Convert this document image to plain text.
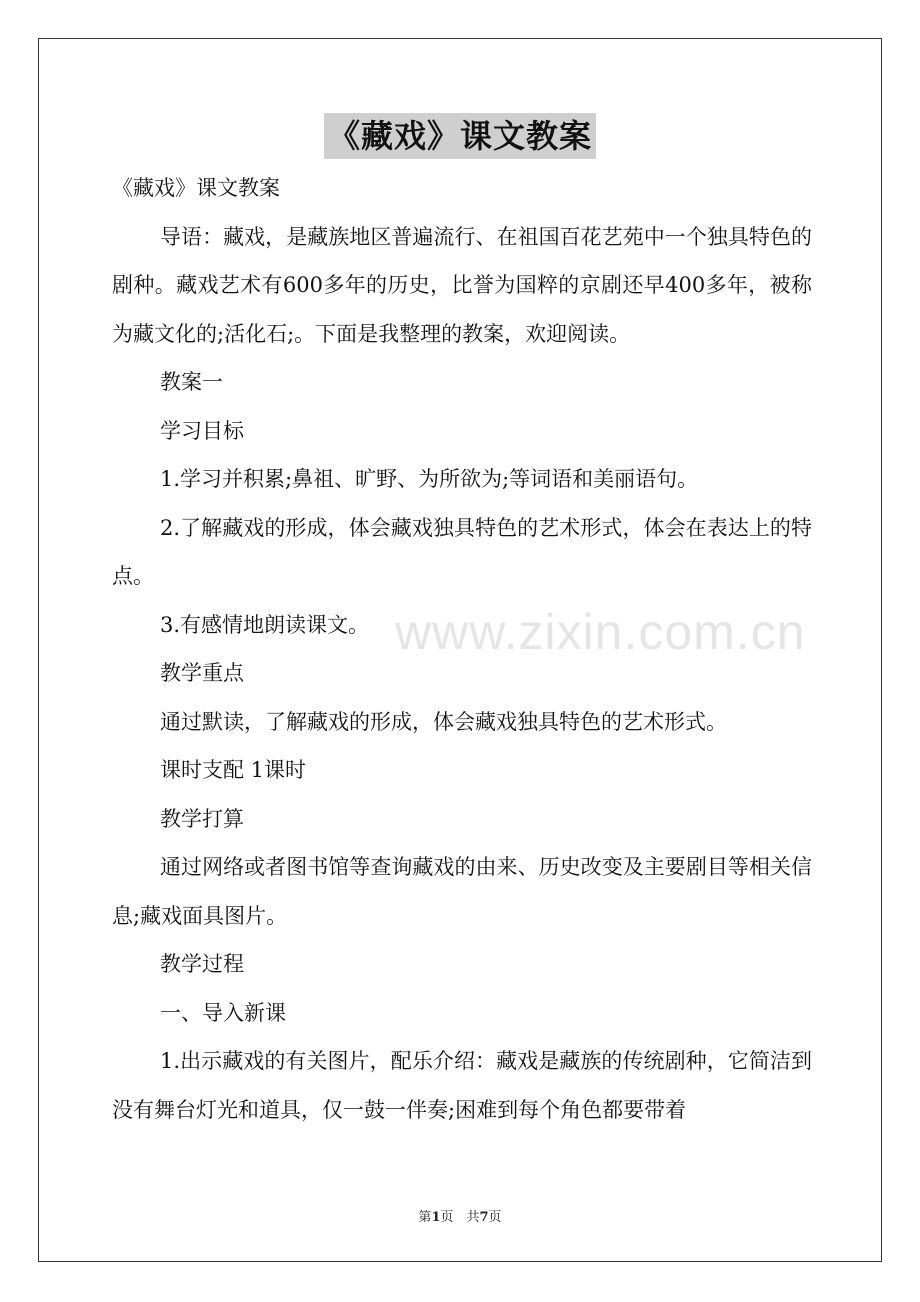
《藏戏》课文教案

《藏戏》课文教案

导语：藏戏，是藏族地区普遍流行、在祖国百花艺苑中一个独具特色的剧种。藏戏艺术有600多年的历史，比誉为国粹的京剧还早400多年，被称为藏文化的;活化石;。下面是我整理的教案，欢迎阅读。

教案一

学习目标

1.学习并积累;鼻祖、旷野、为所欲为;等词语和美丽语句。

2.了解藏戏的形成，体会藏戏独具特色的艺术形式，体会在表达上的特点。

3.有感情地朗读课文。

教学重点

通过默读，了解藏戏的形成，体会藏戏独具特色的艺术形式。

课时支配 1课时

教学打算

通过网络或者图书馆等查询藏戏的由来、历史改变及主要剧目等相关信息;藏戏面具图片。

教学过程

一、导入新课

1.出示藏戏的有关图片，配乐介绍：藏戏是藏族的传统剧种，它简洁到没有舞台灯光和道具，仅一鼓一伴奏;困难到每个角色都要带着

www.zixin.com.cn
第1页　共7页
